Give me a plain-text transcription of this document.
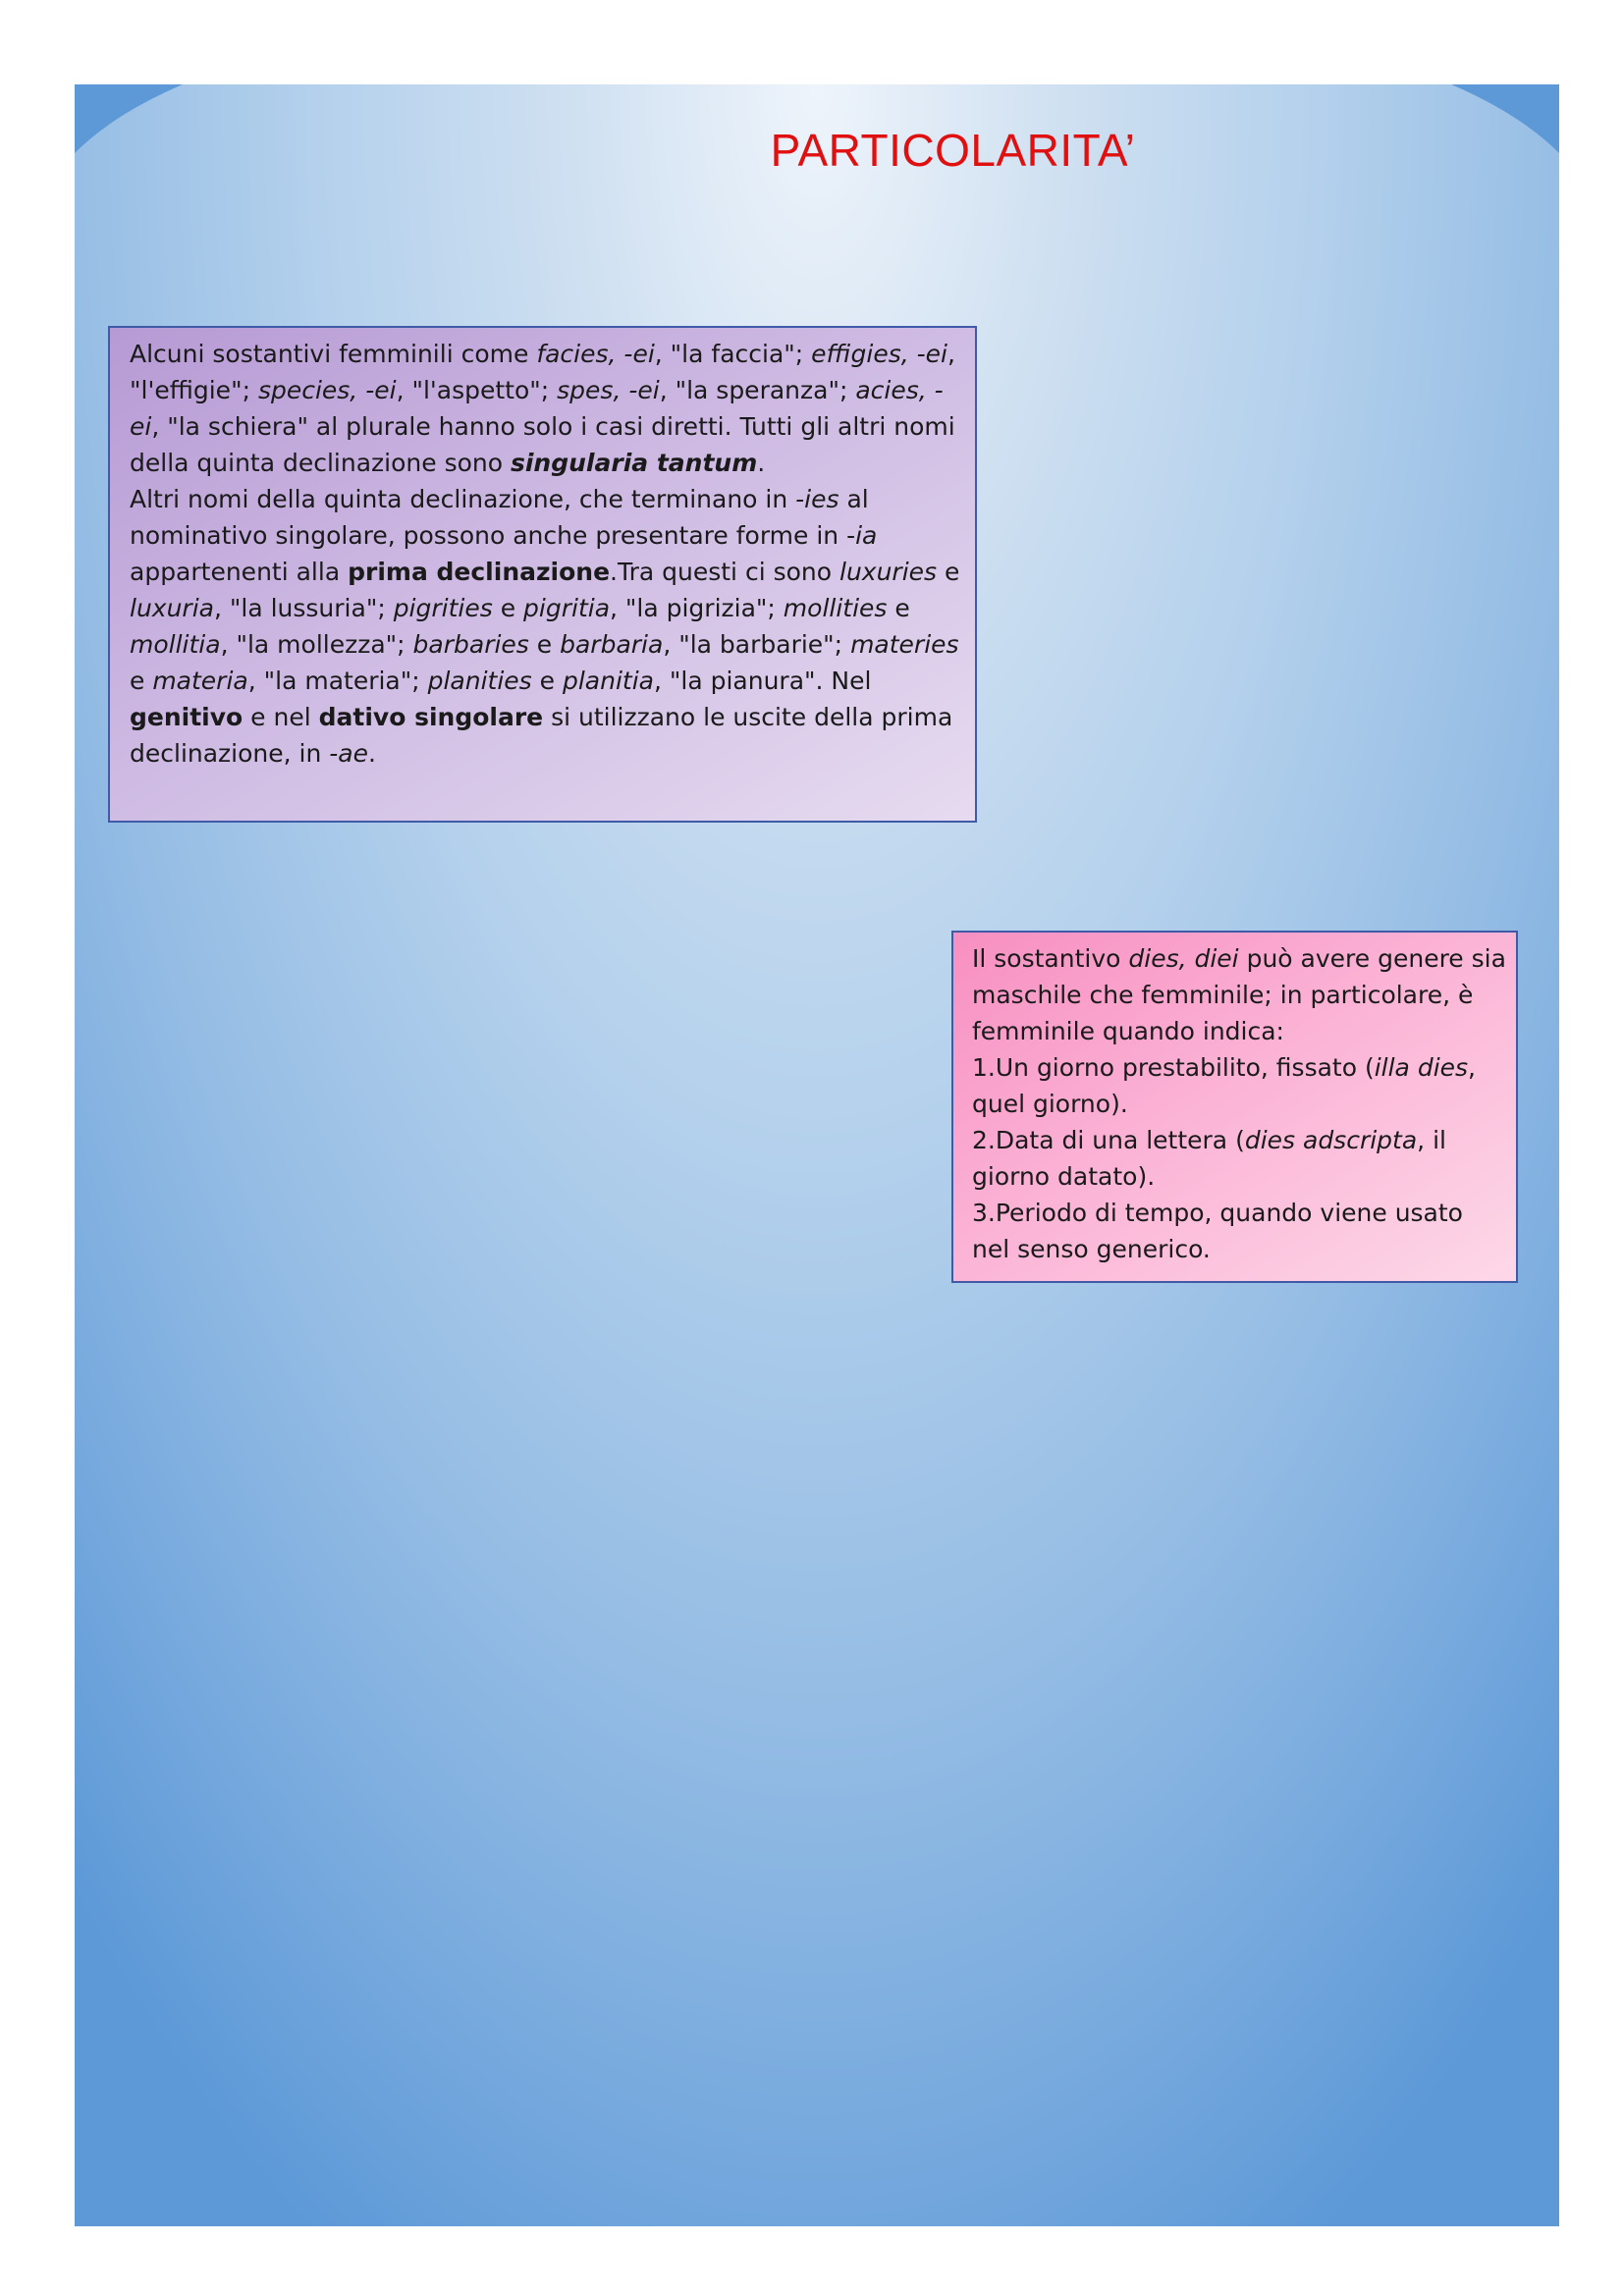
PARTICOLARITA’

Alcuni sostantivi femminili come facies, -ei, "la faccia"; effigies, -ei, "l'effigie"; species, -ei, "l'aspetto"; spes, -ei, "la speranza"; acies, -ei, "la schiera" al plurale hanno solo i casi diretti. Tutti gli altri nomi della quinta declinazione sono singularia tantum.

Altri nomi della quinta declinazione, che terminano in -ies al nominativo singolare, possono anche presentare forme in -ia appartenenti alla prima declinazione.Tra questi ci sono luxuries e luxuria, "la lussuria"; pigrities e pigritia, "la pigrizia"; mollities e mollitia, "la mollezza"; barbaries e barbaria, "la barbarie"; materies e materia, "la materia"; planities e planitia, "la pianura". Nel genitivo e nel dativo singolare si utilizzano le uscite della prima declinazione, in -ae.

Il sostantivo dies, diei può avere genere sia maschile che femminile; in particolare, è femminile quando indica:

1.Un giorno prestabilito, fissato (illa dies, quel giorno).

2.Data di una lettera (dies adscripta, il giorno datato).

3.Periodo di tempo, quando viene usato nel senso generico.
